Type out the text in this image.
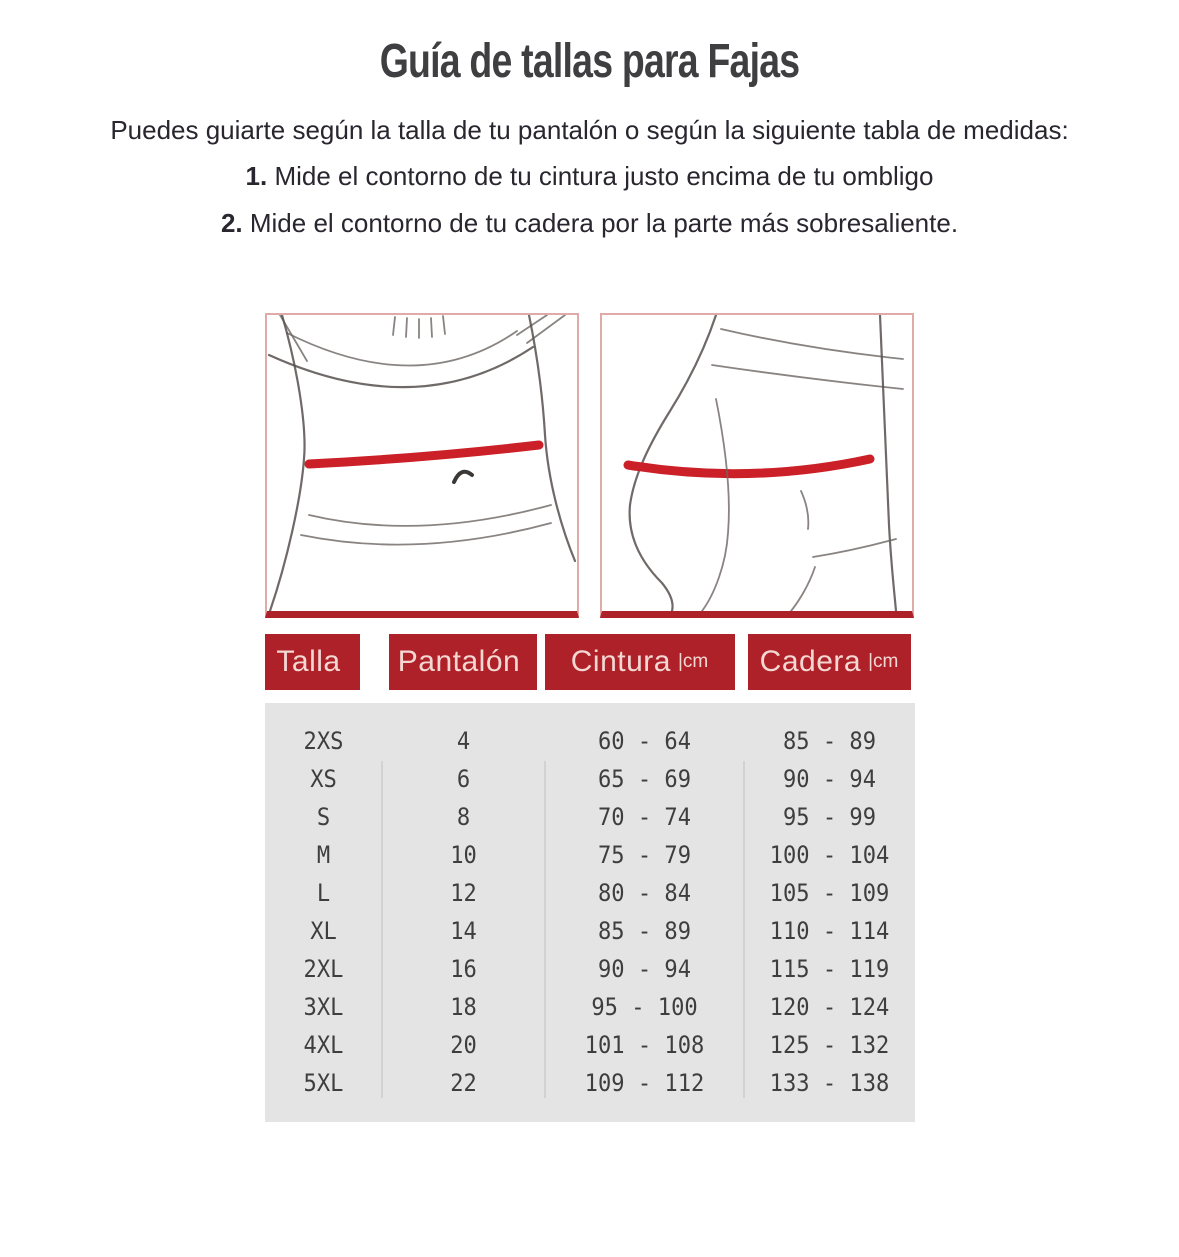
Guía de tallas para Fajas

Puedes guiarte según la talla de tu pantalón o según la siguiente tabla de medidas:

1. Mide el contorno de tu cintura justo encima de tu ombligo

2. Mide el contorno de tu cadera por la parte más sobresaliente.

Talla Pantalón Cintura |cm Cadera |cm
2XS	4	60 - 64	85 - 89
XS	6	65 - 69	90 - 94
S	8	70 - 74	95 - 99
M	10	75 - 79	100 - 104
L	12	80 - 84	105 - 109
XL	14	85 - 89	110 - 114
2XL	16	90 - 94	115 - 119
3XL	18	95 - 100	120 - 124
4XL	20	101 - 108	125 - 132
5XL	22	109 - 112	133 - 138
